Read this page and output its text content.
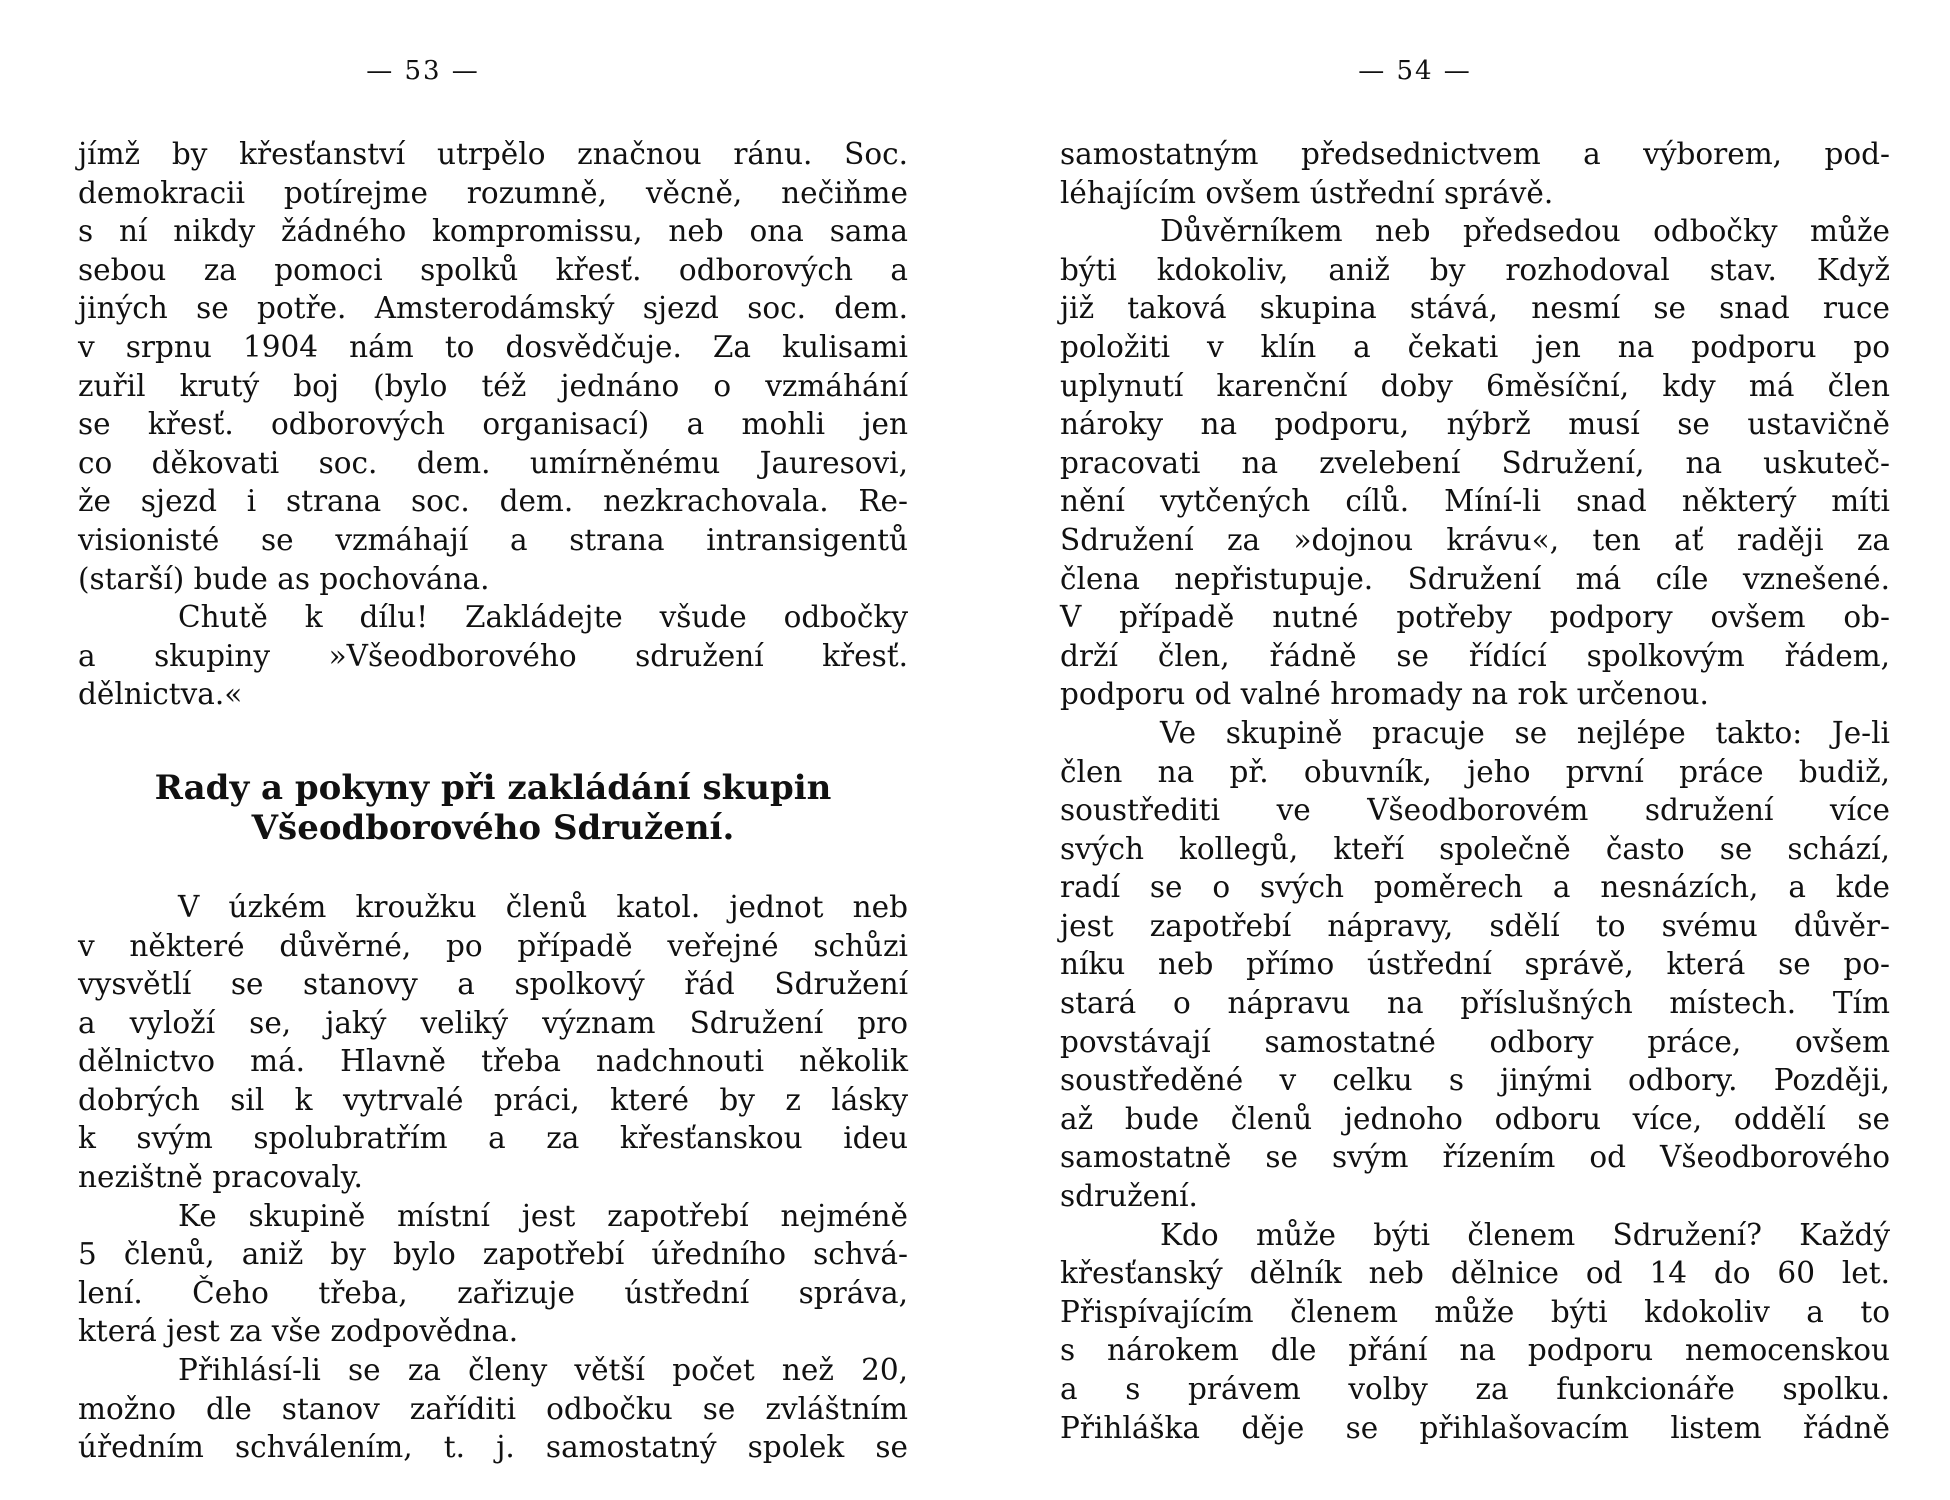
— 53 —
jímž by křesťanství utrpělo značnou ránu. Soc.
demokracii potírejme rozumně, věcně, nečiňme
s ní nikdy žádného kompromissu, neb ona sama
sebou za pomoci spolků křesť. odborových a
jiných se potře. Amsterodámský sjezd soc. dem.
v srpnu 1904 nám to dosvědčuje. Za kulisami
zuřil krutý boj (bylo též jednáno o vzmáhání
se křesť. odborových organisací) a mohli jen
co děkovati soc. dem. umírněnému Jauresovi,
že sjezd i strana soc. dem. nezkrachovala. Re-
visionisté se vzmáhají a strana intransigentů
(starší) bude as pochována.
Chutě k dílu! Zakládejte všude odbočky
a skupiny »Všeodborového sdružení křesť.
dělnictva.«
Rady a pokyny při zakládání skupin
Všeodborového Sdružení.
V úzkém kroužku členů katol. jednot neb
v některé důvěrné, po případě veřejné schůzi
vysvětlí se stanovy a spolkový řád Sdružení
a vyloží se, jaký veliký význam Sdružení pro
dělnictvo má. Hlavně třeba nadchnouti několik
dobrých sil k vytrvalé práci, které by z lásky
k svým spolubratřím a za křesťanskou ideu
nezištně pracovaly.
Ke skupině místní jest zapotřebí nejméně
5 členů, aniž by bylo zapotřebí úředního schvá-
lení. Čeho třeba, zařizuje ústřední správa,
která jest za vše zodpovědna.
Přihlásí-li se za členy větší počet než 20,
možno dle stanov zaříditi odbočku se zvláštním
úředním schválením, t. j. samostatný spolek se
— 54 —
samostatným předsednictvem a výborem, pod-
léhajícím ovšem ústřední správě.
Důvěrníkem neb předsedou odbočky může
býti kdokoliv, aniž by rozhodoval stav. Když
již taková skupina stává, nesmí se snad ruce
položiti v klín a čekati jen na podporu po
uplynutí karenční doby 6měsíční, kdy má člen
nároky na podporu, nýbrž musí se ustavičně
pracovati na zvelebení Sdružení, na uskuteč-
nění vytčených cílů. Míní-li snad některý míti
Sdružení za »dojnou krávu«, ten ať raději za
člena nepřistupuje. Sdružení má cíle vznešené.
V případě nutné potřeby podpory ovšem ob-
drží člen, řádně se řídící spolkovým řádem,
podporu od valné hromady na rok určenou.
Ve skupině pracuje se nejlépe takto: Je-li
člen na př. obuvník, jeho první práce budiž,
soustřediti ve Všeodborovém sdružení více
svých kollegů, kteří společně často se schází,
radí se o svých poměrech a nesnázích, a kde
jest zapotřebí nápravy, sdělí to svému důvěr-
níku neb přímo ústřední správě, která se po-
stará o nápravu na příslušných místech. Tím
povstávají samostatné odbory práce, ovšem
soustředěné v celku s jinými odbory. Později,
až bude členů jednoho odboru více, oddělí se
samostatně se svým řízením od Všeodborového
sdružení.
Kdo může býti členem Sdružení? Každý
křesťanský dělník neb dělnice od 14 do 60 let.
Přispívajícím členem může býti kdokoliv a to
s nárokem dle přání na podporu nemocenskou
a s právem volby za funkcionáře spolku.
Přihláška děje se přihlašovacím listem řádně
